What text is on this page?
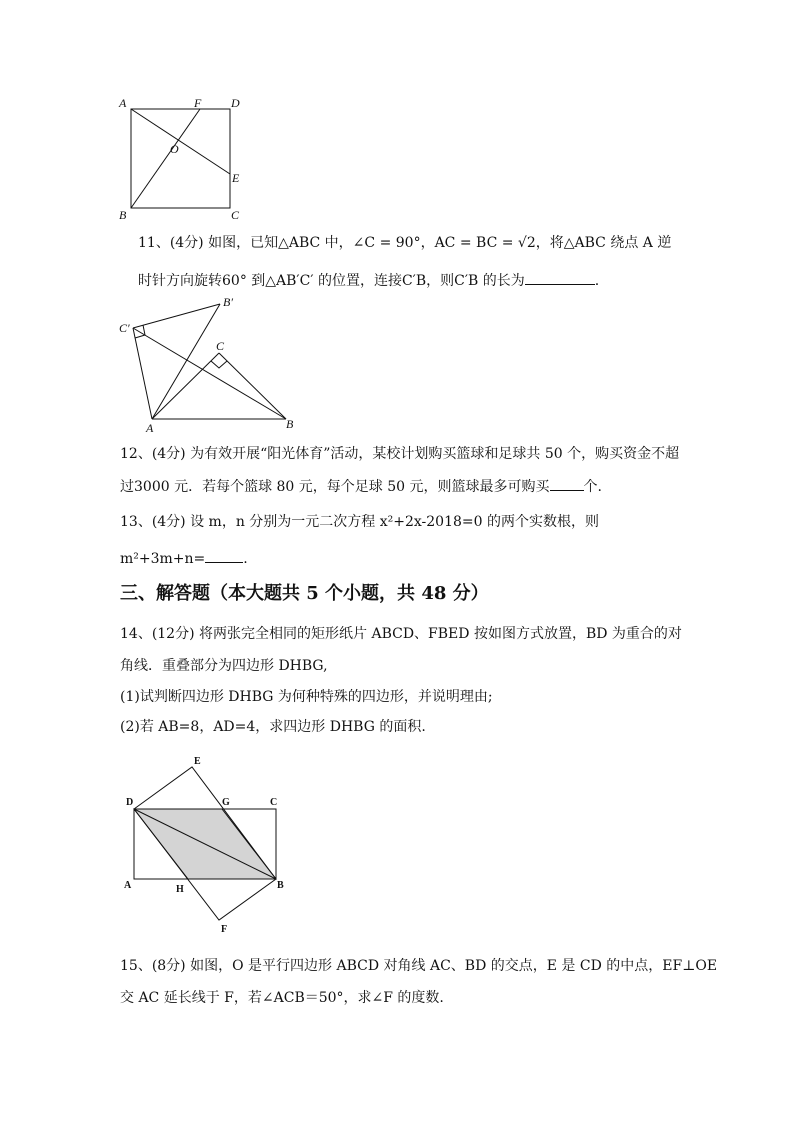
A	F D
O
E
B	C
11、(4分) 如图，已知△ABC 中，∠C = 90°，AC = BC = √2，将△ABC 绕点 A 逆
时针方向旋转60° 到△AB′C′ 的位置，连接C′B，则C′B 的长为	.
C′
B′
C
A	B
12、(4分) 为有效开展“阳光体育”活动，某校计划购买篮球和足球共 50 个，购买资金不超
过3000 元．若每个篮球 80 元，每个足球 50 元，则篮球最多可购买 个.
13、(4分) 设 m，n 分别为一元二次方程 x²+2x-2018=0 的两个实数根，则
m²+3m+n=	.
三、解答题（本大题共 5 个小题，共 48 分）
14、(12分) 将两张完全相同的矩形纸片 ABCD、FBED 按如图方式放置，BD 为重合的对
角线．重叠部分为四边形 DHBG,
(1)试判断四边形 DHBG 为何种特殊的四边形，并说明理由;
(2)若 AB=8，AD=4，求四边形 DHBG 的面积.
E
D	G	C
A	H	B
F
15、(8分) 如图，O 是平行四边形 ABCD 对角线 AC、BD 的交点，E 是 CD 的中点，EF⊥OE
交 AC 延长线于 F，若∠ACB＝50°，求∠F 的度数.
